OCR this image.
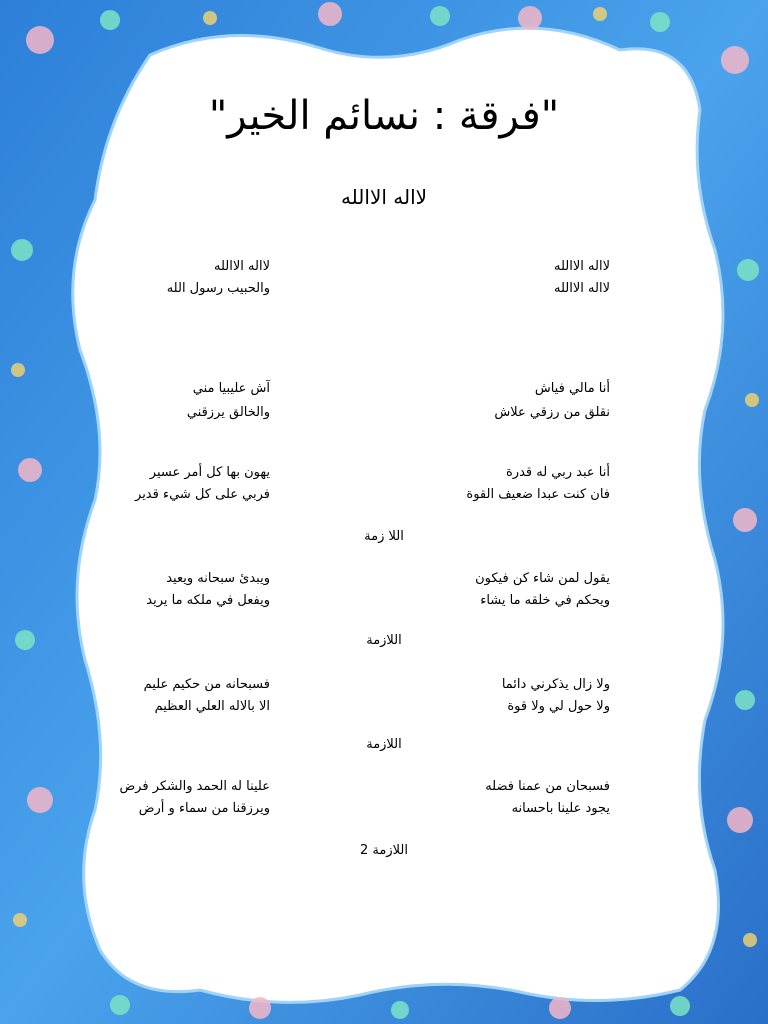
"فرقة : نسائم الخير"
لااله الاالله
لااله الاالله
لااله الاالله
لااله الاالله
والحبيب رسول الله
أنا مالي فياش
نقلق من رزقي علاش
آش عليبيا مني
والخالق يرزقني
أنا عبد ربي له قدرة
فان كنت عبدا ضعيف القوة
يهون بها كل أمر عسير
فربي على كل شيء قدير
اللا زمة
يقول لمن شاء كن فيكون
ويحكم في خلقه ما يشاء
ويبدئ سبحانه ويعيد
ويفعل في ملكه ما يريد
اللازمة
ولا زال يذكرني دائما
ولا حول لي ولا قوة
فسبحانه من حكيم عليم
الا بالاله العلي العظيم
اللازمة
فسبحان من عمنا فضله
يجود علينا باحسانه
علينا له الحمد والشكر فرض
ويرزقنا من سماء و أرض
اللازمة 2
